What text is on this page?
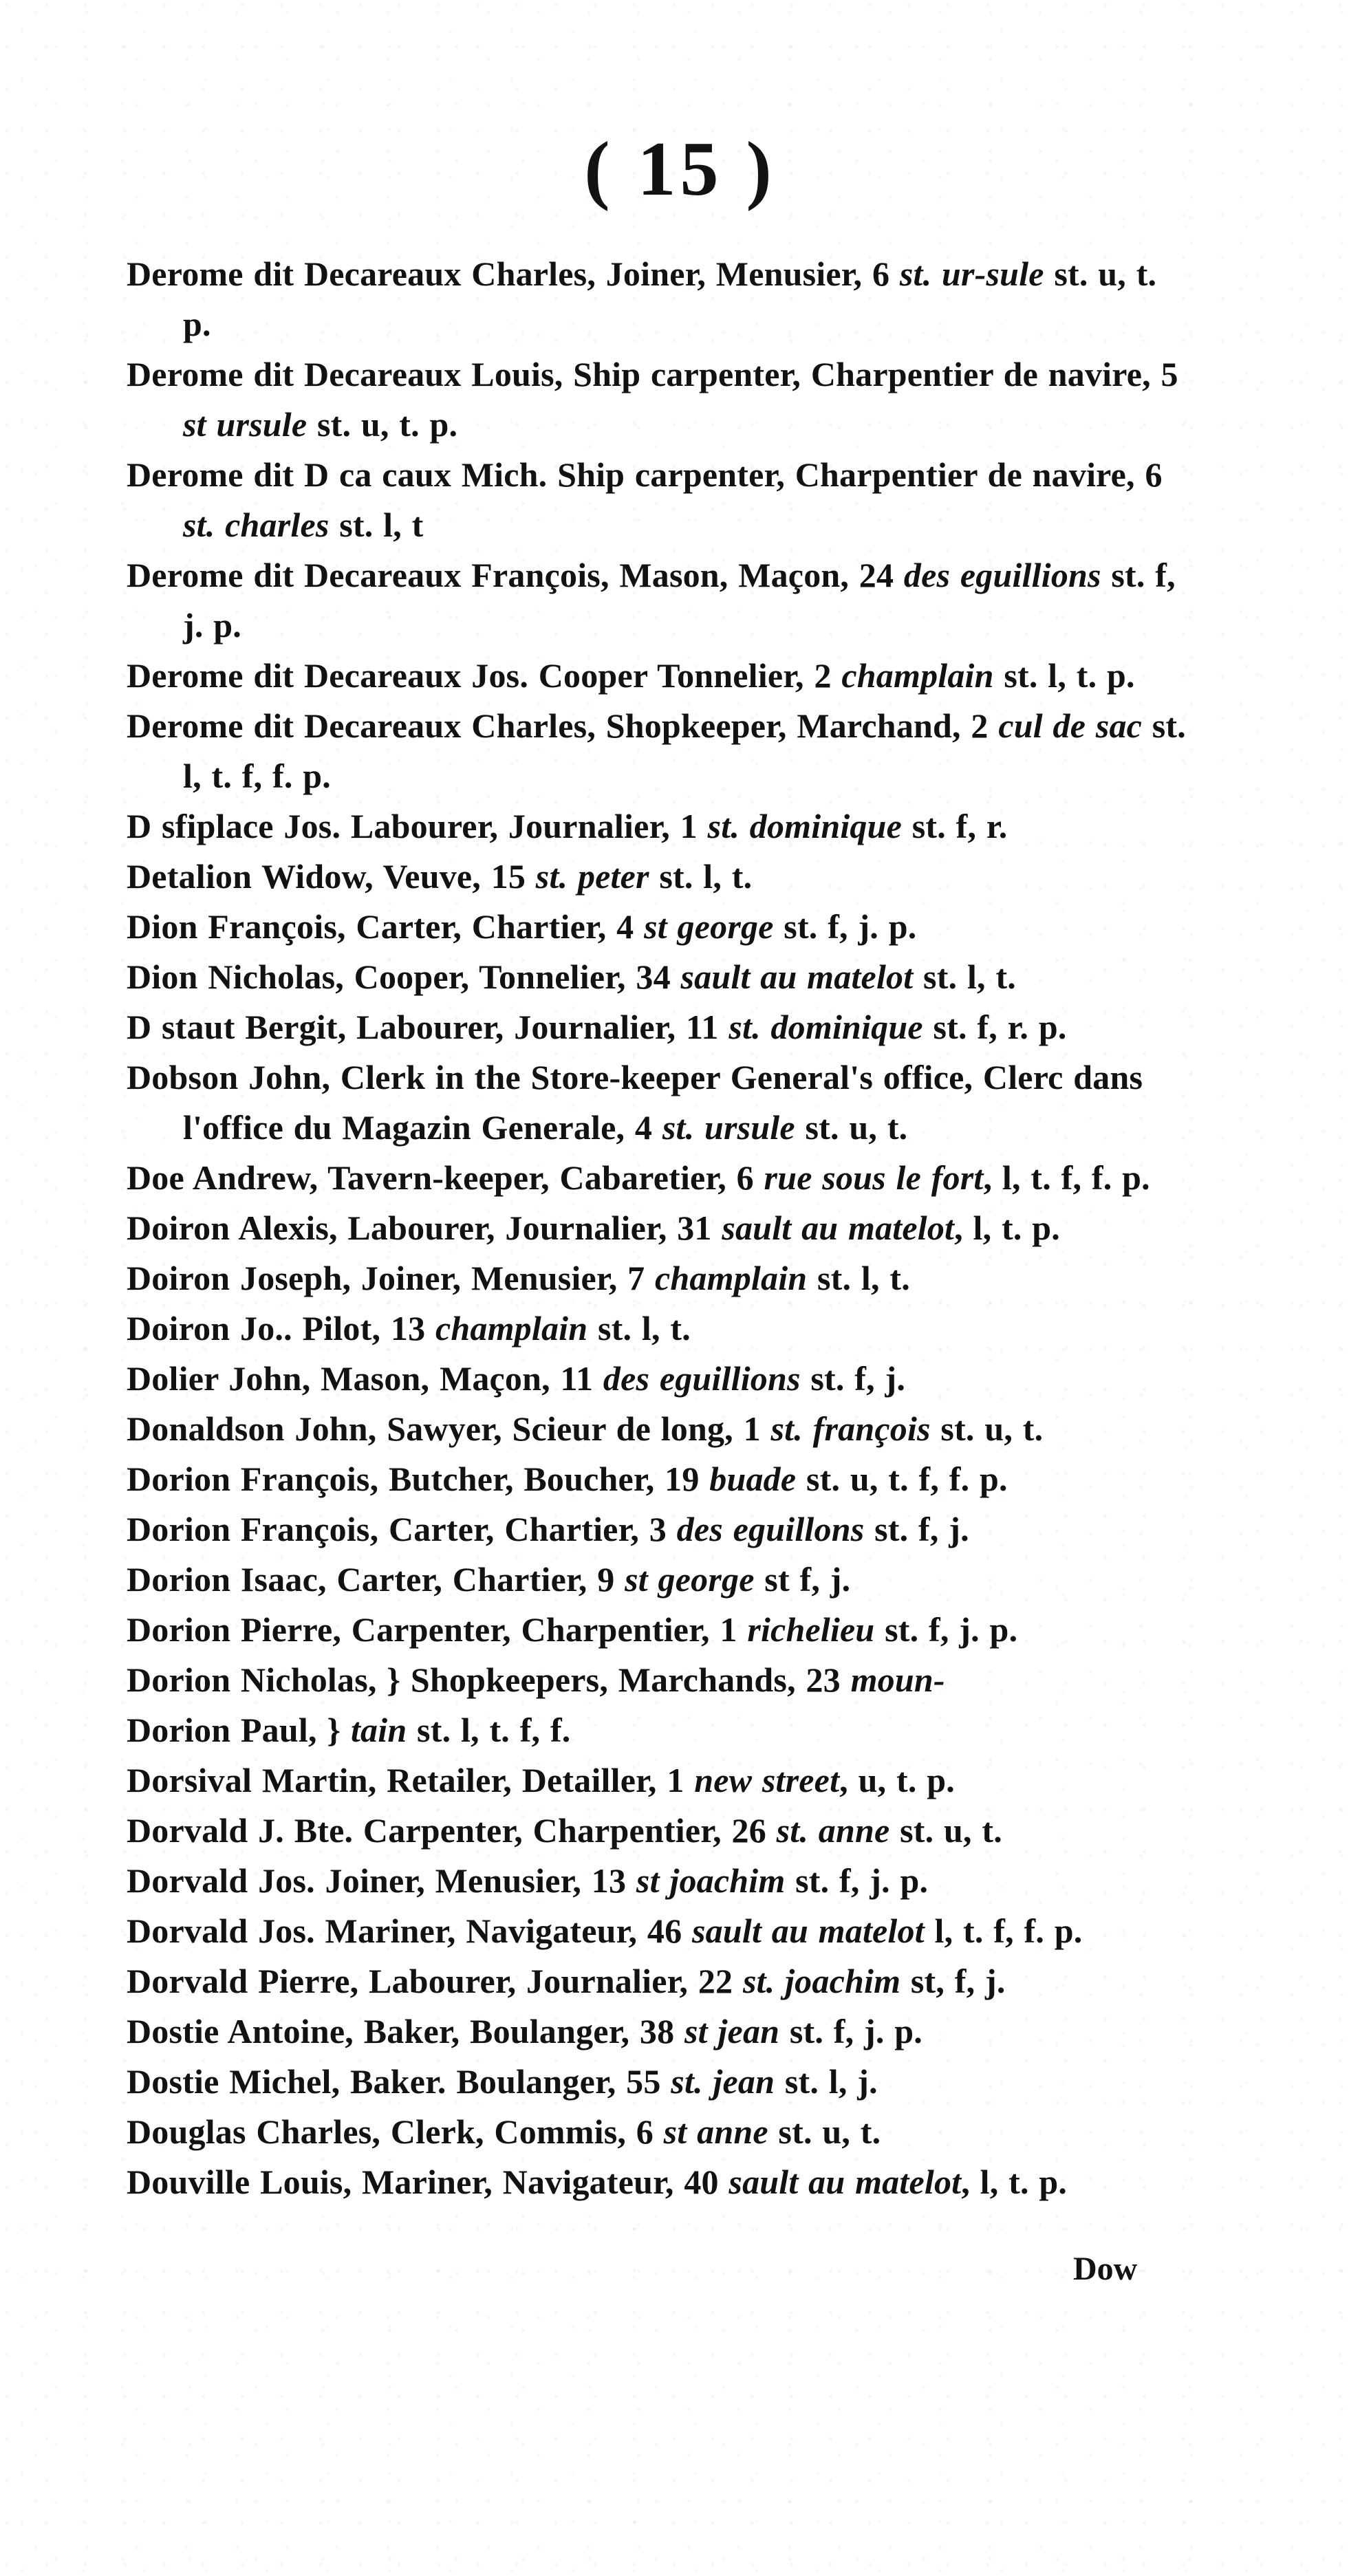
( 15 )
Derome dit Decareaux Charles, Joiner, Menusier, 6 st. ur-sule st. u, t. p.
Derome dit Decareaux Louis, Ship carpenter, Charpentier de navire, 5 st ursule st. u, t. p.
Derome dit D ca caux Mich. Ship carpenter, Charpentier de navire, 6 st. charles st. l, t
Derome dit Decareaux François, Mason, Maçon, 24 des eguillions st. f, j. p.
Derome dit Decareaux Jos. Cooper Tonnelier, 2 champlain st. l, t. p.
Derome dit Decareaux Charles, Shopkeeper, Marchand, 2 cul de sac st. l, t. f, f. p.
D sfiplace Jos. Labourer, Journalier, 1 st. dominique st. f, r.
Detalion Widow, Veuve, 15 st. peter st. l, t.
Dion François, Carter, Chartier, 4 st george st. f, j. p.
Dion Nicholas, Cooper, Tonnelier, 34 sault au matelot st. l, t.
D staut Bergit, Labourer, Journalier, 11 st. dominique st. f, r. p.
Dobson John, Clerk in the Store-keeper General's office, Clerc dans l'office du Magazin Generale, 4 st. ursule st. u, t.
Doe Andrew, Tavern-keeper, Cabaretier, 6 rue sous le fort, l, t. f, f. p.
Doiron Alexis, Labourer, Journalier, 31 sault au matelot, l, t. p.
Doiron Joseph, Joiner, Menusier, 7 champlain st. l, t.
Doiron Jo.. Pilot, 13 champlain st. l, t.
Dolier John, Mason, Maçon, 11 des eguillions st. f, j.
Donaldson John, Sawyer, Scieur de long, 1 st. françois st. u, t.
Dorion François, Butcher, Boucher, 19 buade st. u, t. f, f. p.
Dorion François, Carter, Chartier, 3 des eguillons st. f, j.
Dorion Isaac, Carter, Chartier, 9 st george st f, j.
Dorion Pierre, Carpenter, Charpentier, 1 richelieu st. f, j. p.
Dorion Nicholas, } Shopkeepers, Marchands, 23 moun-
Dorion Paul, } tain st. l, t. f, f.
Dorsival Martin, Retailer, Detailler, 1 new street, u, t. p.
Dorvald J. Bte. Carpenter, Charpentier, 26 st. anne st. u, t.
Dorvald Jos. Joiner, Menusier, 13 st joachim st. f, j. p.
Dorvald Jos. Mariner, Navigateur, 46 sault au matelot l, t. f, f. p.
Dorvald Pierre, Labourer, Journalier, 22 st. joachim st, f, j.
Dostie Antoine, Baker, Boulanger, 38 st jean st. f, j. p.
Dostie Michel, Baker. Boulanger, 55 st. jean st. l, j.
Douglas Charles, Clerk, Commis, 6 st anne st. u, t.
Douville Louis, Mariner, Navigateur, 40 sault au matelot, l, t. p.
Dow
